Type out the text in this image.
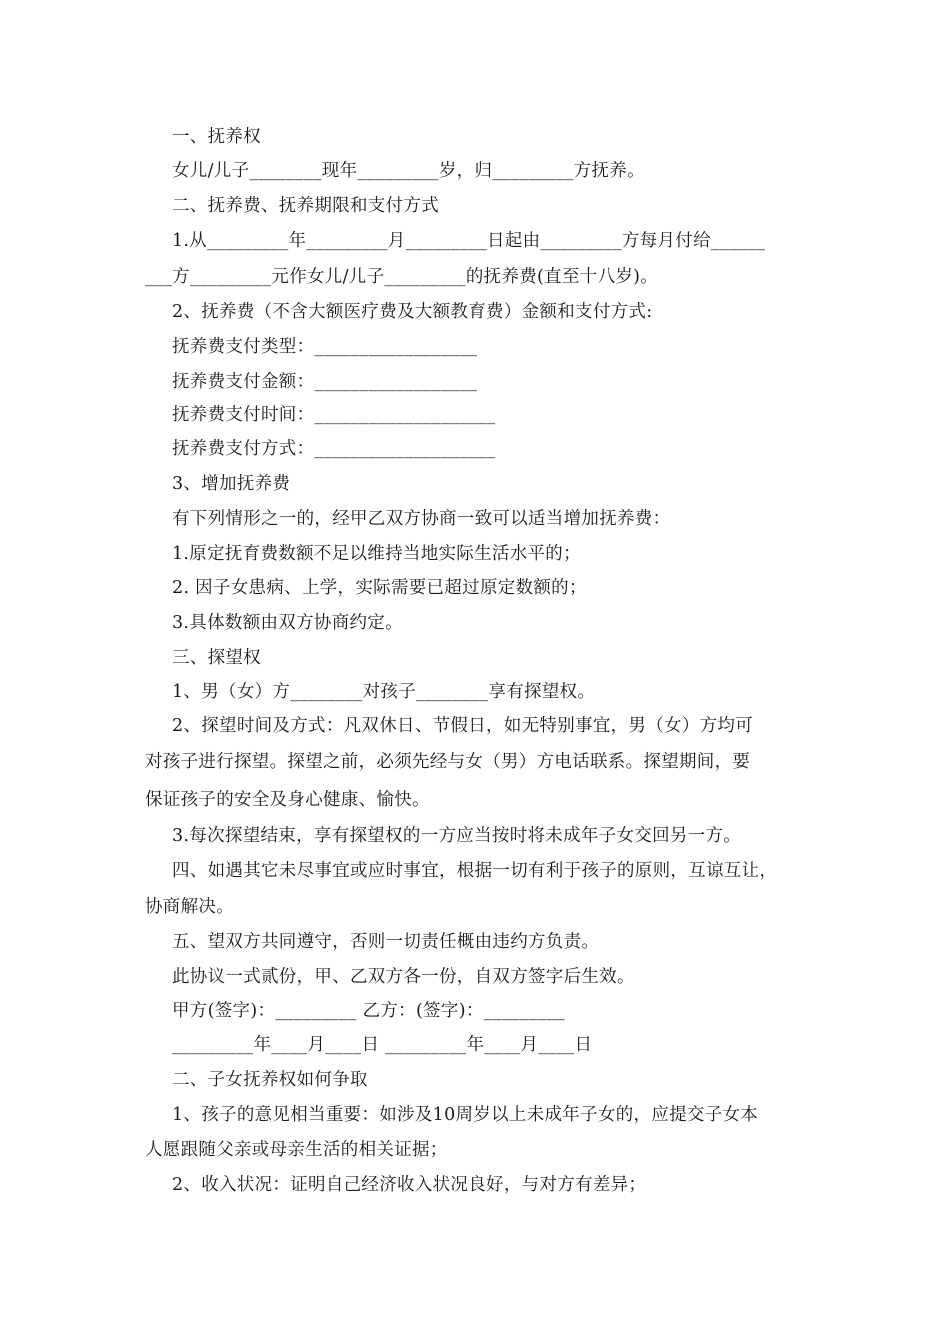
一、抚养权
女儿/儿子________现年_________岁，归_________方抚养。
二、抚养费、抚养期限和支付方式
1.从_________年_________月_________日起由_________方每月付给______
___方_________元作女儿/儿子_________的抚养费(直至十八岁)。
2、抚养费（不含大额医疗费及大额教育费）金额和支付方式:
抚养费支付类型：__________________
抚养费支付金额：__________________
抚养费支付时间：____________________
抚养费支付方式：____________________
3、增加抚养费
有下列情形之一的，经甲乙双方协商一致可以适当增加抚养费：
1.原定抚育费数额不足以维持当地实际生活水平的；
2. 因子女患病、上学，实际需要已超过原定数额的；
3.具体数额由双方协商约定。
三、探望权
1、男（女）方________对孩子________享有探望权。
2、探望时间及方式：凡双休日、节假日，如无特别事宜，男（女）方均可
对孩子进行探望。探望之前，必须先经与女（男）方电话联系。探望期间，要
保证孩子的安全及身心健康、愉快。
3.每次探望结束，享有探望权的一方应当按时将未成年子女交回另一方。
四、如遇其它未尽事宜或应时事宜，根据一切有利于孩子的原则，互谅互让，
协商解决。
五、望双方共同遵守，否则一切责任概由违约方负责。
此协议一式贰份，甲、乙双方各一份，自双方签字后生效。
甲方(签字)：_________ 乙方：(签字)：_________
_________年____月____日 _________年____月____日
二、子女抚养权如何争取
1、孩子的意见相当重要：如涉及10周岁以上未成年子女的，应提交子女本
人愿跟随父亲或母亲生活的相关证据；
2、收入状况：证明自己经济收入状况良好，与对方有差异；
